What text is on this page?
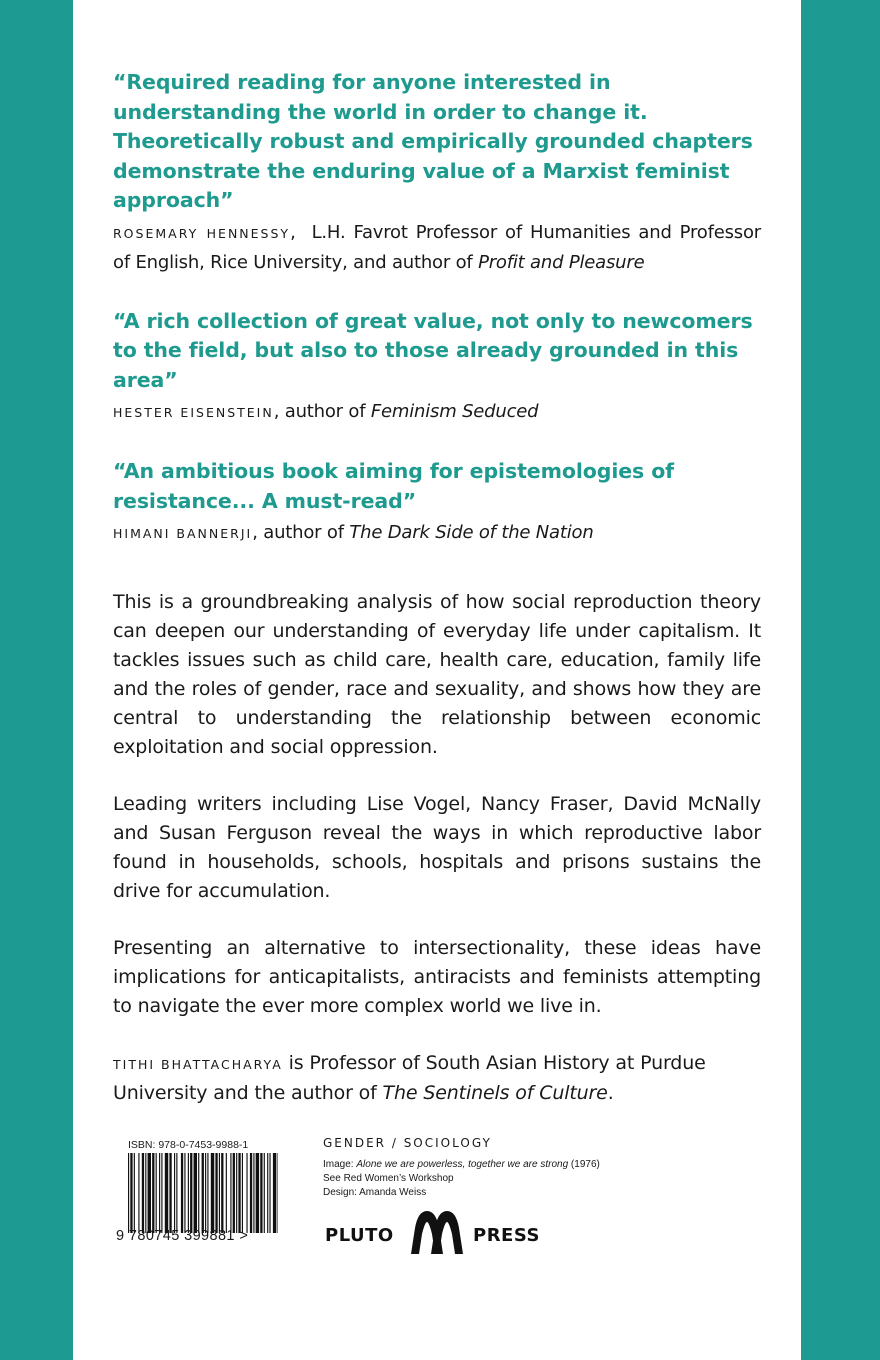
“Required reading for anyone interested in understanding the world in order to change it. Theoretically robust and empirically grounded chapters demonstrate the enduring value of a Marxist feminist approach”

ROSEMARY HENNESSY,  L.H. Favrot Professor of Humanities and Professor of English, Rice University, and author of Profit and Pleasure

“A rich collection of great value, not only to newcomers to the field, but also to those already grounded in this area”

HESTER EISENSTEIN, author of Feminism Seduced

“An ambitious book aiming for epistemologies of resistance... A must-read”

HIMANI BANNERJI, author of The Dark Side of the Nation

This is a groundbreaking analysis of how social reproduction theory can deepen our understanding of everyday life under capitalism. It tackles issues such as child care, health care, education, family life and the roles of gender, race and sexuality, and shows how they are central to understanding the relationship between economic exploitation and social oppression.

Leading writers including Lise Vogel, Nancy Fraser, David McNally and Susan Ferguson reveal the ways in which reproductive labor found in households, schools, hospitals and prisons sustains the drive for accumulation.

Presenting an alternative to intersectionality, these ideas have implications for anticapitalists, antiracists and feminists attempting to navigate the ever more complex world we live in.

TITHI BHATTACHARYA is Professor of South Asian History at Purdue University and the author of The Sentinels of Culture.

ISBN: 978-0-7453-9988-1
9 780745 399881 >
GENDER / SOCIOLOGY
Image: Alone we are powerless, together we are strong (1976)
See Red Women’s Workshop
Design: Amanda Weiss
PLUTO	PRESS
